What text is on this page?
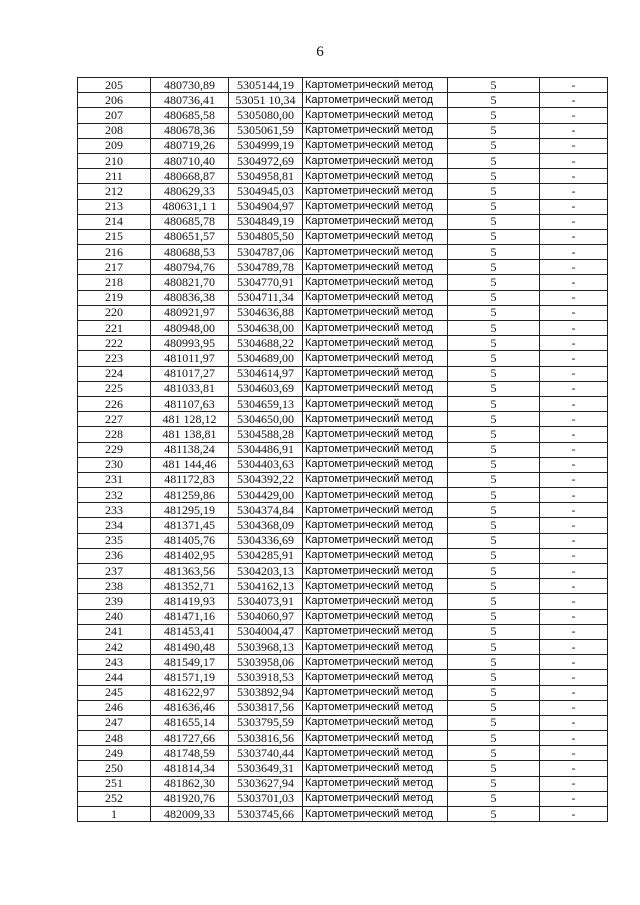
6
205	480730,89	5305144,19	Картометрический метод	5	-
206	480736,41	53051 10,34	Картометрический метод	5	-
207	480685,58	5305080,00	Картометрический метод	5	-
208	480678,36	5305061,59	Картометрический метод	5	-
209	480719,26	5304999,19	Картометрический метод	5	-
210	480710,40	5304972,69	Картометрический метод	5	-
211	480668,87	5304958,81	Картометрический метод	5	-
212	480629,33	5304945,03	Картометрический метод	5	-
213	480631,1 1	5304904,97	Картометрический метод	5	-
214	480685,78	5304849,19	Картометрический метод	5	-
215	480651,57	5304805,50	Картометрический метод	5	-
216	480688,53	5304787,06	Картометрический метод	5	-
217	480794,76	5304789,78	Картометрический метод	5	-
218	480821,70	5304770,91	Картометрический метод	5	-
219	480836,38	5304711,34	Картометрический метод	5	-
220	480921,97	5304636,88	Картометрический метод	5	-
221	480948,00	5304638,00	Картометрический метод	5	-
222	480993,95	5304688,22	Картометрический метод	5	-
223	481011,97	5304689,00	Картометрический метод	5	-
224	481017,27	5304614,97	Картометрический метод	5	-
225	481033,81	5304603,69	Картометрический метод	5	-
226	481107,63	5304659,13	Картометрический метод	5	-
227	481 128,12	5304650,00	Картометрический метод	5	-
228	481 138,81	5304588,28	Картометрический метод	5	-
229	481138,24	5304486,91	Картометрический метод	5	-
230	481 144,46	5304403,63	Картометрический метод	5	-
231	481172,83	5304392,22	Картометрический метод	5	-
232	481259,86	5304429,00	Картометрический метод	5	-
233	481295,19	5304374,84	Картометрический метод	5	-
234	481371,45	5304368,09	Картометрический метод	5	-
235	481405,76	5304336,69	Картометрический метод	5	-
236	481402,95	5304285,91	Картометрический метод	5	-
237	481363,56	5304203,13	Картометрический метод	5	-
238	481352,71	5304162,13	Картометрический метод	5	-
239	481419,93	5304073,91	Картометрический метод	5	-
240	481471,16	5304060,97	Картометрический метод	5	-
241	481453,41	5304004,47	Картометрический метод	5	-
242	481490,48	5303968,13	Картометрический метод	5	-
243	481549,17	5303958,06	Картометрический метод	5	-
244	481571,19	5303918,53	Картометрический метод	5	-
245	481622,97	5303892,94	Картометрический метод	5	-
246	481636,46	5303817,56	Картометрический метод	5	-
247	481655,14	5303795,59	Картометрический метод	5	-
248	481727,66	5303816,56	Картометрический метод	5	-
249	481748,59	5303740,44	Картометрический метод	5	-
250	481814,34	5303649,31	Картометрический метод	5	-
251	481862,30	5303627,94	Картометрический метод	5	-
252	481920,76	5303701,03	Картометрический метод	5	-
1	482009,33	5303745,66	Картометрический метод	5	-
